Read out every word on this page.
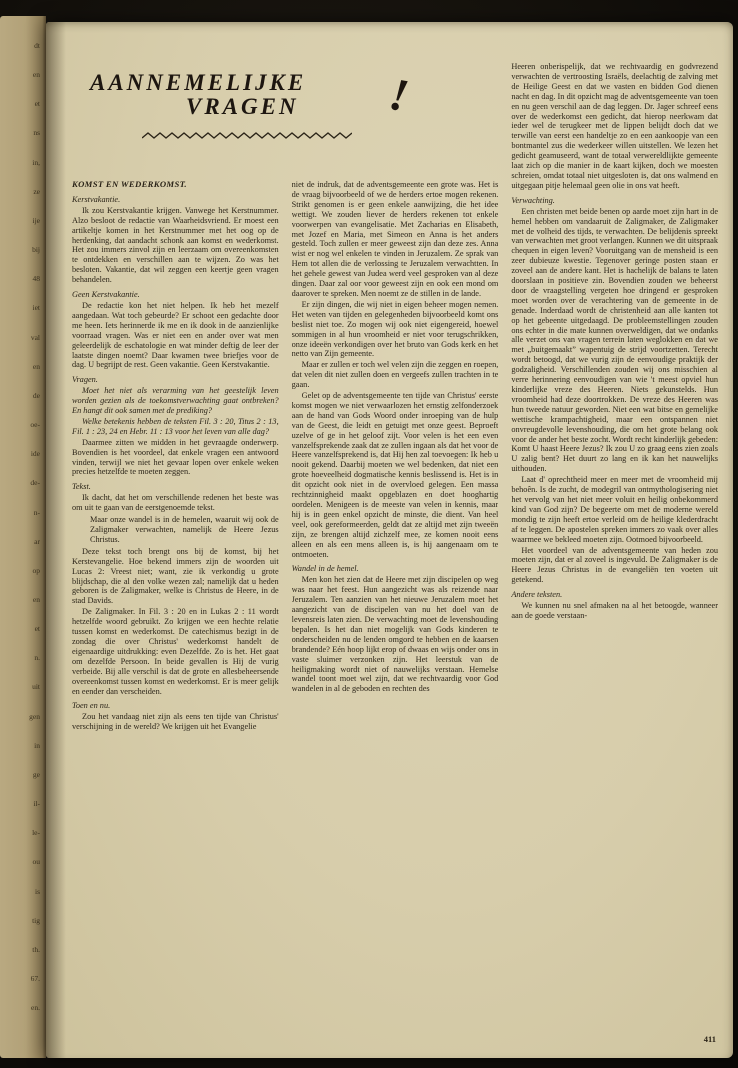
dt
en
et
ns
in,
ze
ije
bij
48
iet
val
en
de
oe-
ide
de-
n-
ar
op
en
et
n.
uit
gen
in
ge
il-
le-
ou
is
tig
th.
67.
en.
AANNEMELIJKE
VRAGEN	!

Heeren onberispelijk, dat we rechtvaardig en godvrezend verwachten de vertroosting Israëls, deelachtig de zalving met de Heilige Geest en dat we vasten en bidden God dienen nacht en dag. In dit opzicht mag de adventsgemeente van toen en nu geen verschil aan de dag leggen. Dr. Jager schreef eens over de wederkomst een gedicht, dat hierop neerkwam dat ieder wel de terugkeer met de lippen belijdt doch dat we terwille van eerst een handeltje zo en een aankoopje van een bontmantel zus die wederkeer willen uitstellen. We lezen het gedicht geamuseerd, want de totaal verwereldlijkte gemeente laat zich op die manier in de kaart kijken, doch we moesten schreien, omdat totaal niet uitgesloten is, dat ons walmend en uitgegaan pitje helemaal geen olie in ons vat heeft.

Verwachting.

Een christen met beide benen op aarde moet zijn hart in de hemel hebben om vandaaruit de Zaligmaker, de Zaligmaker met de volheid des tijds, te verwachten. De belijdenis spreekt van verwachten met groot verlangen. Kunnen we dit uitspraak chequen in eigen leven? Vooruitgang van de mensheid is een zeer dubieuze kwestie. Tegenover geringe posten staan er zoveel aan de andere kant. Het is hachelijk de balans te laten doorslaan in positieve zin. Bovendien zouden we beheerst door de vraagstelling vergeten hoe dringend er gesproken moet worden over de verachtering van de gemeente in de genade. Inderdaad wordt de christenheid aan alle kanten tot op het gebeente uitgedaagd. De probleemstellingen zouden ons echter in die mate kunnen overweldigen, dat we ondanks alle verzet ons van vragen terrein laten weglokken en dat we met „buitgemaakt” wapentuig de strijd voortzetten. Terecht wordt betoogd, dat we vurig zijn de eenvoudige praktijk der godzaligheid. Verschillenden zouden wij ons misschien al verre herinnering eenvoudigen van wie 't meest opviel hun kinderlijke vreze des Heeren. Niets gekunstelds. Hun vroomheid had deze doortrokken. De vreze des Heeren was hun tweede natuur geworden. Niet een wat bitse en gemelijke wettische krampachtigheid, maar een ontspannen niet onvreugdevolle levenshouding, die om het grote belang ook voor de ander het beste zocht. Wordt recht kinderlijk gebeden: Komt U haast Heere Jezus? Ik zou U zo graag eens zien zoals U zalig bent? Het duurt zo lang en ik kan het nauwelijks uithouden.

Laat d' oprechtheid meer en meer met de vroomheid mij behoên. Is de zucht, de modegril van ontmythologisering niet het vervolg van het niet meer voluit en heilig onbekommerd kind van God zijn? De begeerte om met de moderne wereld mondig te zijn heeft ertoe verleid om de heilige klederdracht af te leggen. De apostelen spreken immers zo vaak over alles waarmee we bekleed moeten zijn. Ootmoed bijvoorbeeld.

Het voordeel van de adventsgemeente van heden zou moeten zijn, dat er al zoveel is ingevuld. De Zaligmaker is de Heere Jezus Christus in de evangeliën ten voeten uit getekend.

Andere teksten.

We kunnen nu snel afmaken na al het betoogde, wanneer aan de goede verstaan-

KOMST EN WEDERKOMST.
Kerstvakantie.

Ik zou Kerstvakantie krijgen. Vanwege het Kerstnummer. Alzo besloot de redactie van Waarheidsvriend. Er moest een artikeltje komen in het Kerstnummer met het oog op de herdenking, dat aandacht schonk aan komst en wederkomst. Het zou immers zinvol zijn en leerzaam om overeenkomsten te ontdekken en verschillen aan te wijzen. Zo was het besloten. Vakantie, dat wil zeggen een keertje geen vragen behandelen.

Geen Kerstvakantie.

De redactie kon het niet helpen. Ik heb het mezelf aangedaan. Wat toch gebeurde? Er schoot een gedachte door me heen. Iets herinnerde ik me en ik dook in de aanzienlijke voorraad vragen. Was er niet een en ander over wat men geleerdelijk de eschatologie en wat minder deftig de leer der laatste dingen noemt? Daar kwamen twee briefjes voor de dag. U begrijpt de rest. Geen vakantie. Geen Kerstvakantie.

Vragen.

Moet het niet als verarming van het geestelijk leven worden gezien als de toekomstverwachting gaat ontbreken? En hangt dit ook samen met de prediking?

Welke betekenis hebben de teksten Fil. 3 : 20, Titus 2 : 13, Fil. 1 : 23, 24 en Hebr. 11 : 13 voor het leven van alle dag?

Daarmee zitten we midden in het gevraagde onderwerp. Bovendien is het voordeel, dat enkele vragen een antwoord vinden, terwijl we niet het gevaar lopen over enkele weken precies hetzelfde te moeten zeggen.

Tekst.

Ik dacht, dat het om verschillende redenen het beste was om uit te gaan van de eerstgenoemde tekst.

Maar onze wandel is in de hemelen, waaruit wij ook de Zaligmaker verwachten, namelijk de Heere Jezus Christus.

Deze tekst toch brengt ons bij de komst, bij het Kerstevangelie. Hoe bekend immers zijn de woorden uit Lucas 2: Vreest niet; want, zie ik verkondig u grote blijdschap, die al den volke wezen zal; namelijk dat u heden geboren is de Zaligmaker, welke is Christus de Heere, in de stad Davids.

De Zaligmaker. In Fil. 3 : 20 en in Lukas 2 : 11 wordt hetzelfde woord gebruikt. Zo krijgen we een hechte relatie tussen komst en wederkomst. De catechismus bezigt in de zondag die over Christus' wederkomst handelt de eigenaardige uitdrukking: even Dezelfde. Zo is het. Het gaat om dezelfde Persoon. In beide gevallen is Hij de vurig verbeide. Bij alle verschil is dat de grote en allesbeheersende overeenkomst tussen komst en wederkomst. Er is meer gelijk en eender dan verscheiden.

Toen en nu.

Zou het vandaag niet zijn als eens ten tijde van Christus' verschijning in de wereld? We krijgen uit het Evangelie

niet de indruk, dat de adventsgemeente een grote was. Het is de vraag bijvoorbeeld of we de herders ertoe mogen rekenen. Strikt genomen is er geen enkele aanwijzing, die het idee wettigt. We zouden liever de herders rekenen tot enkele voorwerpen van evangelisatie. Met Zacharias en Elisabeth, met Jozef en Maria, met Simeon en Anna is het anders gesteld. Toch zullen er meer geweest zijn dan deze zes. Anna wist er nog wel enkelen te vinden in Jeruzalem. Ze sprak van Hem tot allen die de verlossing te Jeruzalem verwachtten. In het gehele gewest van Judea werd veel gesproken van al deze dingen. Daar zal oor voor geweest zijn en ook een mond om daarover te spreken. Men noemt ze de stillen in de lande.

Er zijn dingen, die wij niet in eigen beheer mogen nemen. Het weten van tijden en gelegenheden bijvoorbeeld komt ons beslist niet toe. Zo mogen wij ook niet eigengereid, hoewel sommigen in al hun vroomheid er niet voor terugschrikken, onze ideeën verkondigen over het bruto van Gods kerk en het netto van Zijn gemeente.

Maar er zullen er toch wel velen zijn die zeggen en roepen, dat velen dit niet zullen doen en vergeefs zullen trachten in te gaan.

Gelet op de adventsgemeente ten tijde van Christus' eerste komst mogen we niet verwaarlozen het ernstig zelfonderzoek aan de hand van Gods Woord onder inroeping van de hulp van de Geest, die leidt en getuigt met onze geest. Beproeft uzelve of ge in het geloof zijt. Voor velen is het een even vanzelfsprekende zaak dat ze zullen ingaan als dat het voor de Heere vanzelfsprekend is, dat Hij hen zal toevoegen: Ik heb u nooit gekend. Daarbij moeten we wel bedenken, dat niet een grote hoeveelheid dogmatische kennis beslissend is. Het is in dit opzicht ook niet in de overvloed gelegen. Een massa rechtzinnigheid maakt opgeblazen en doet hooghartig oordelen. Menigeen is de meeste van velen in kennis, maar hij is in geen enkel opzicht de minste, die dient. Van heel veel, ook gereformeerden, geldt dat ze altijd met zijn tweeën zijn, ze brengen altijd zichzelf mee, ze komen nooit eens alleen en als een mens alleen is, is hij aangenaam om te ontmoeten.

Wandel in de hemel.

Men kon het zien dat de Heere met zijn discipelen op weg was naar het feest. Hun aangezicht was als reizende naar Jeruzalem. Ten aanzien van het nieuwe Jeruzalem moet het aangezicht van de discipelen van nu het doel van de levensreis laten zien. De verwachting moet de levenshouding bepalen. Is het dan niet mogelijk van Gods kinderen te onderscheiden nu de lenden omgord te hebben en de kaarsen brandende? Eén hoop lijkt erop of dwaas en wijs onder ons in vaste sluimer verzonken zijn. Het leerstuk van de heiligmaking wordt niet of nauwelijks verstaan. Hemelse wandel toont moet wel zijn, dat we rechtvaardig voor God wandelen in al de geboden en rechten des

411
